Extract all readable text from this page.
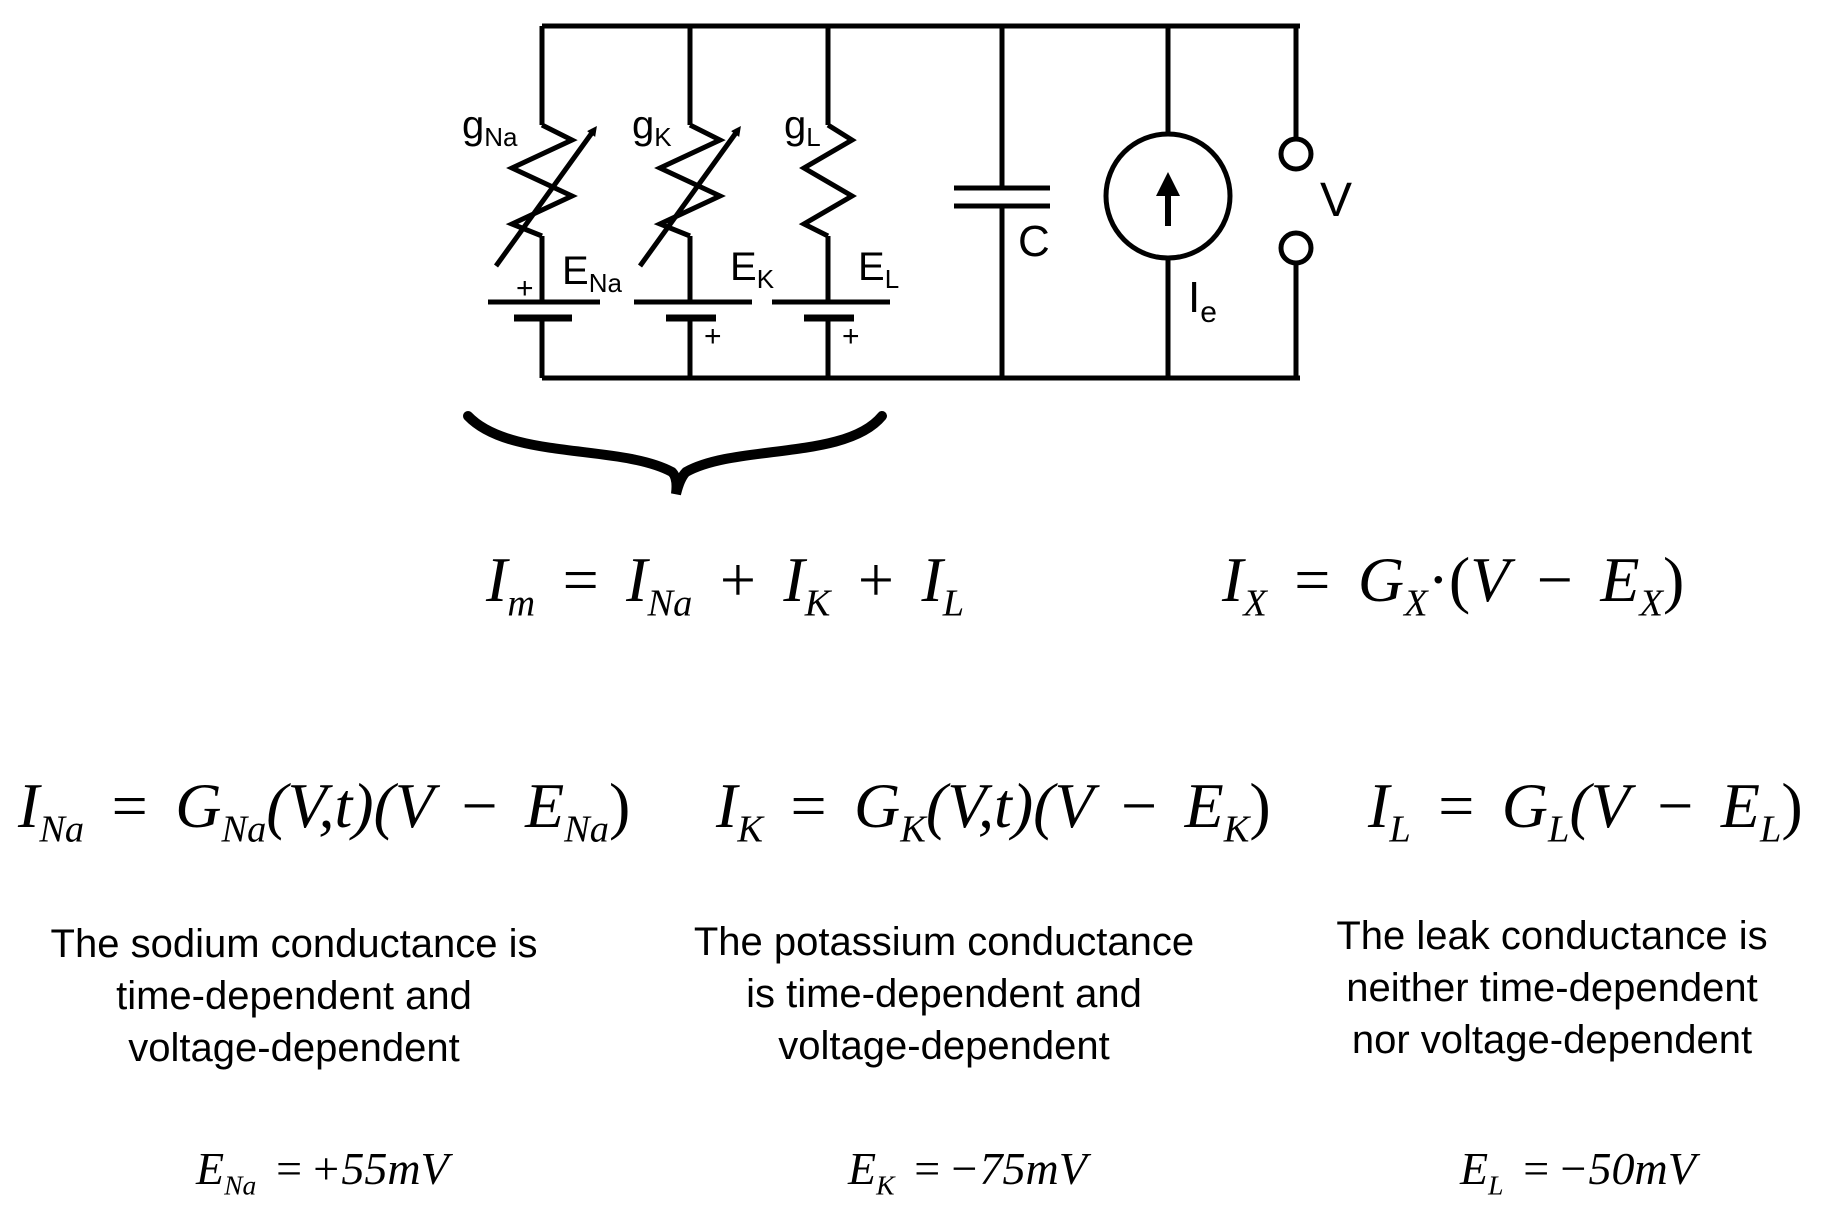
$g_{Na}$	$g_K$	$g_L$
$E_{Na}$	$E_K$ $E_L$
+
+	+
C
$I_e$
V
$I_m = I_{Na} + I_K + I_L$	$I_X = G_X\cdot(V - E_X)$
$I_{Na} = G_{Na}(V,t)(V - E_{Na}) I_K = G_K(V,t)(V - E_K) I_L = G_L(V - E_L)$
The sodium conductance is
time-dependent and
voltage-dependent
The potassium conductance
is time-dependent and
voltage-dependent
The leak conductance is
neither time-dependent
nor voltage-dependent
$E_{Na} = +55mV$	$E_K = -75mV$	$E_L = -50mV$
